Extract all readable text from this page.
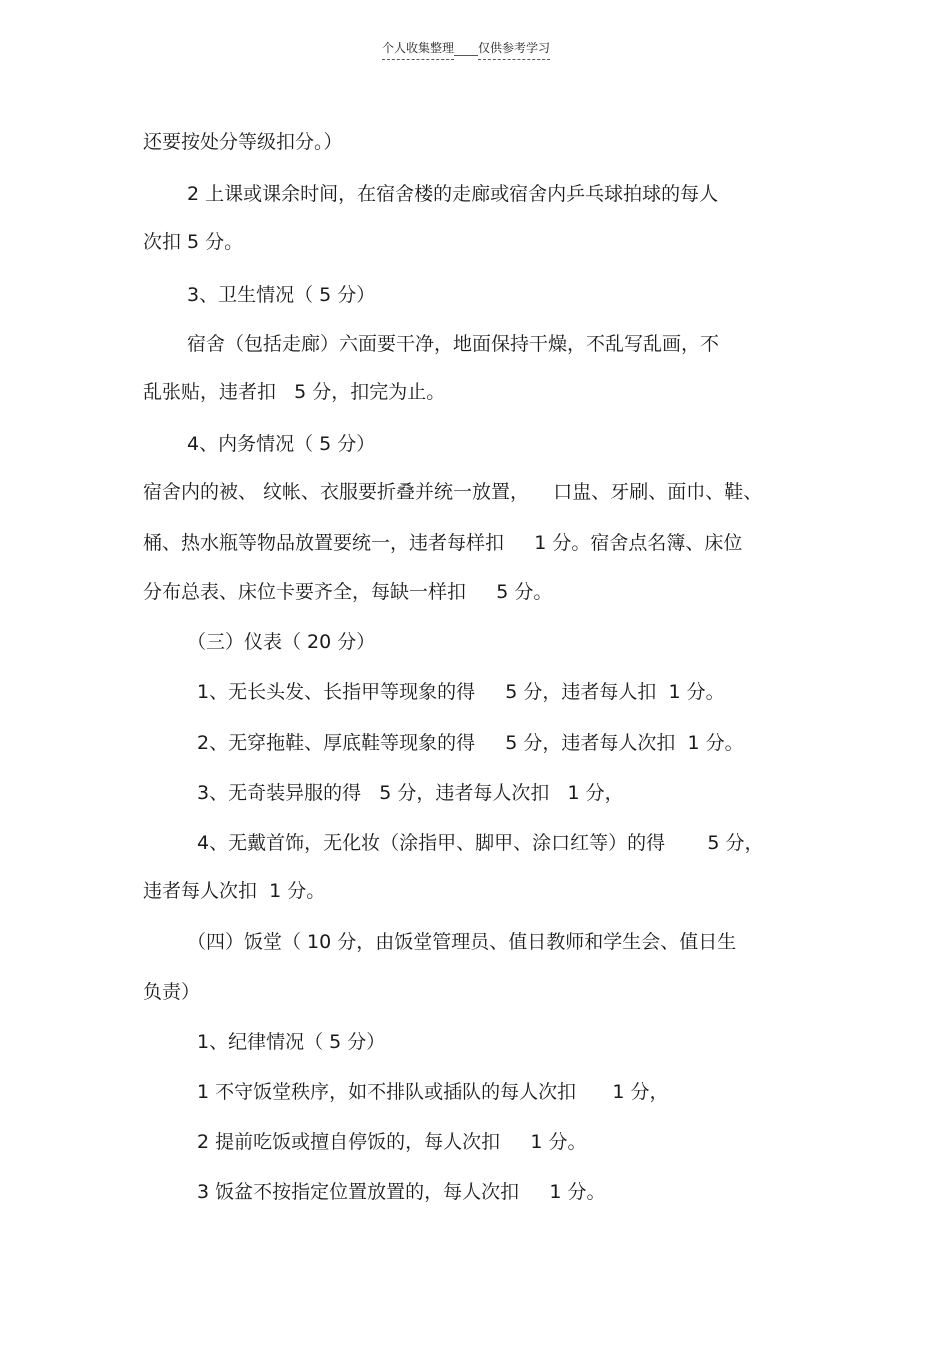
个人收集整理 仅供参考学习
还要按处分等级扣分。）
2 上课或课余时间，在宿舍楼的走廊或宿舍内乒乓球拍球的每人
次扣 5 分。
3、卫生情况（ 5 分）
宿舍（包括走廊）六面要干净，地面保持干燥，不乱写乱画，不
乱张贴，违者扣   5 分，扣完为止。
4、内务情况（ 5 分）
宿舍内的被、 纹帐、衣服要折叠并统一放置，    口盅、牙刷、面巾、鞋、
桶、热水瓶等物品放置要统一，违者每样扣     1 分。宿舍点名簿、床位
分布总表、床位卡要齐全，每缺一样扣     5 分。
（三）仪表（ 20 分）
1、无长头发、长指甲等现象的得     5 分，违者每人扣  1 分。
2、无穿拖鞋、厚底鞋等现象的得     5 分，违者每人次扣  1 分。
3、无奇装异服的得   5 分，违者每人次扣   1 分，
4、无戴首饰，无化妆（涂指甲、脚甲、涂口红等）的得       5 分，
违者每人次扣  1 分。
（四）饭堂（ 10 分，由饭堂管理员、值日教师和学生会、值日生
负责）
1、纪律情况（ 5 分）
1 不守饭堂秩序，如不排队或插队的每人次扣      1 分，
2 提前吃饭或擅自停饭的，每人次扣     1 分。
3 饭盆不按指定位置放置的，每人次扣     1 分。
